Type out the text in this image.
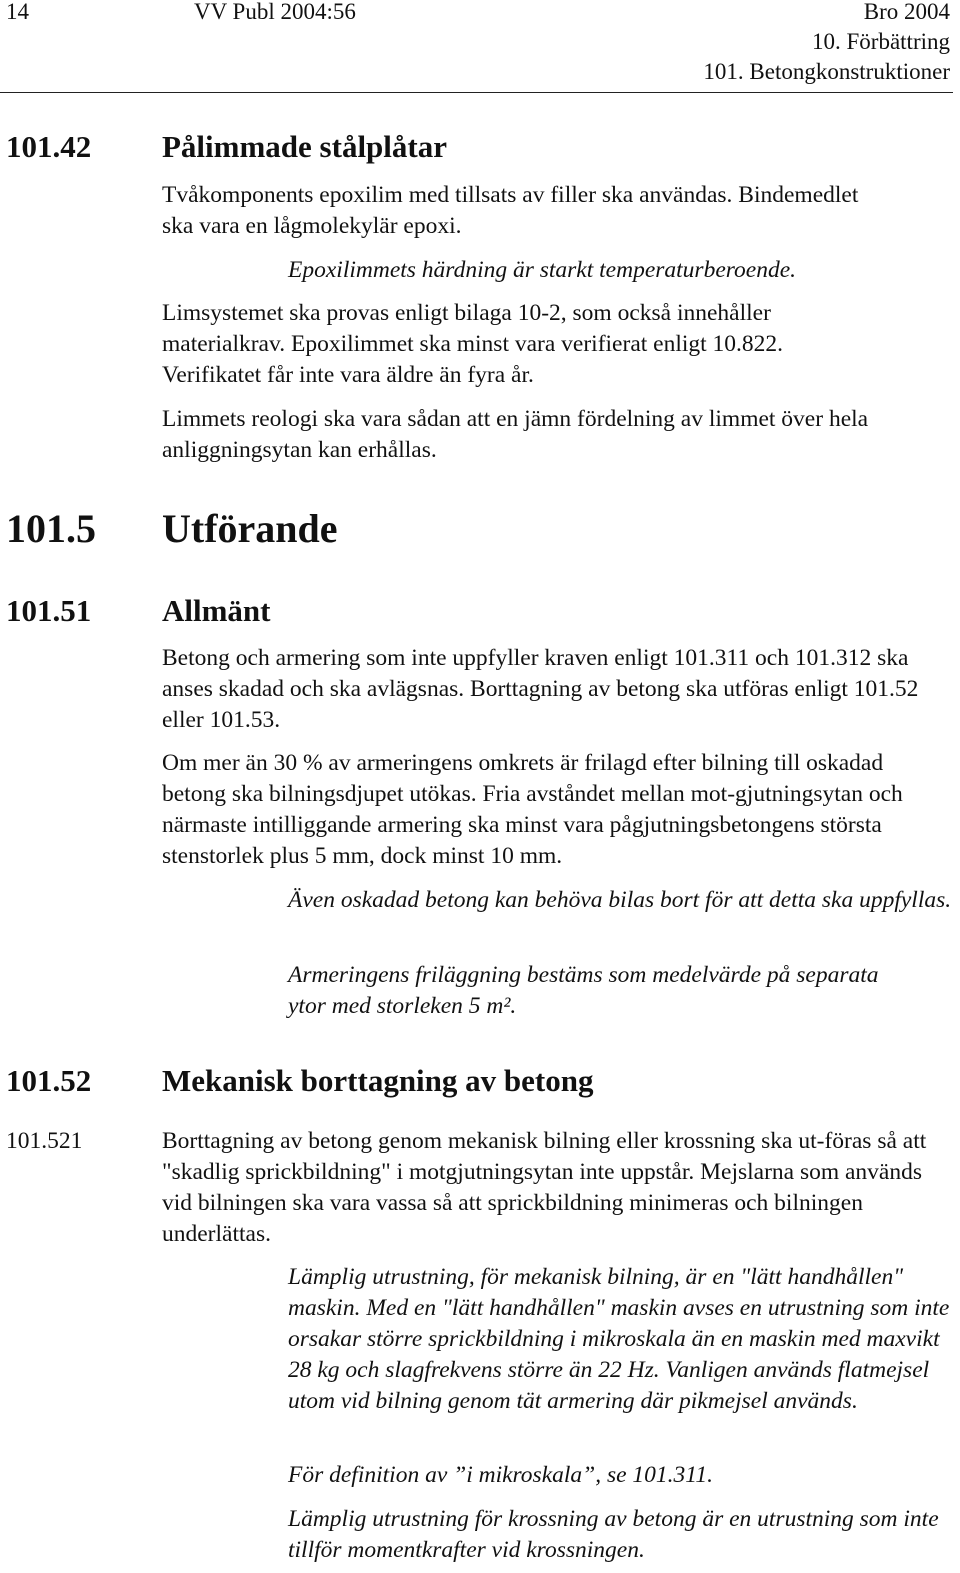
14	VV Publ 2004:56	Bro 2004
10. Förbättring
101. Betongkonstruktioner
101.42 Pålimmade stålplåtar
Tvåkomponents epoxilim med tillsats av filler ska användas. Bindemedlet ska vara en lågmolekylär epoxi.
Epoxilimmets härdning är starkt temperaturberoende.
Limsystemet ska provas enligt bilaga 10-2, som också innehåller materialkrav. Epoxilimmet ska minst vara verifierat enligt 10.822. Verifikatet får inte vara äldre än fyra år.
Limmets reologi ska vara sådan att en jämn fördelning av limmet över hela anliggningsytan kan erhållas.
101.5 Utförande
101.51 Allmänt
Betong och armering som inte uppfyller kraven enligt 101.311 och 101.312 ska anses skadad och ska avlägsnas. Borttagning av betong ska utföras enligt 101.52 eller 101.53.
Om mer än 30 % av armeringens omkrets är frilagd efter bilning till oskadad betong ska bilningsdjupet utökas. Fria avståndet mellan mot-gjutningsytan och närmaste intilliggande armering ska minst vara pågjutningsbetongens största stenstorlek plus 5 mm, dock minst 10 mm.
Även oskadad betong kan behöva bilas bort för att detta ska uppfyllas.
Armeringens friläggning bestäms som medelvärde på separata ytor med storleken 5 m².
101.52 Mekanisk borttagning av betong
101.521	Borttagning av betong genom mekanisk bilning eller krossning ska ut-föras så att "skadlig sprickbildning" i motgjutningsytan inte uppstår. Mejslarna som används vid bilningen ska vara vassa så att sprickbildning minimeras och bilningen underlättas.
Lämplig utrustning, för mekanisk bilning, är en "lätt handhållen" maskin. Med en "lätt handhållen" maskin avses en utrustning som inte orsakar större sprickbildning i mikroskala än en maskin med maxvikt 28 kg och slagfrekvens större än 22 Hz. Vanligen används flatmejsel utom vid bilning genom tät armering där pikmejsel används.
För definition av ”i mikroskala”, se 101.311.
Lämplig utrustning för krossning av betong är en utrustning som inte tillför momentkrafter vid krossningen.
